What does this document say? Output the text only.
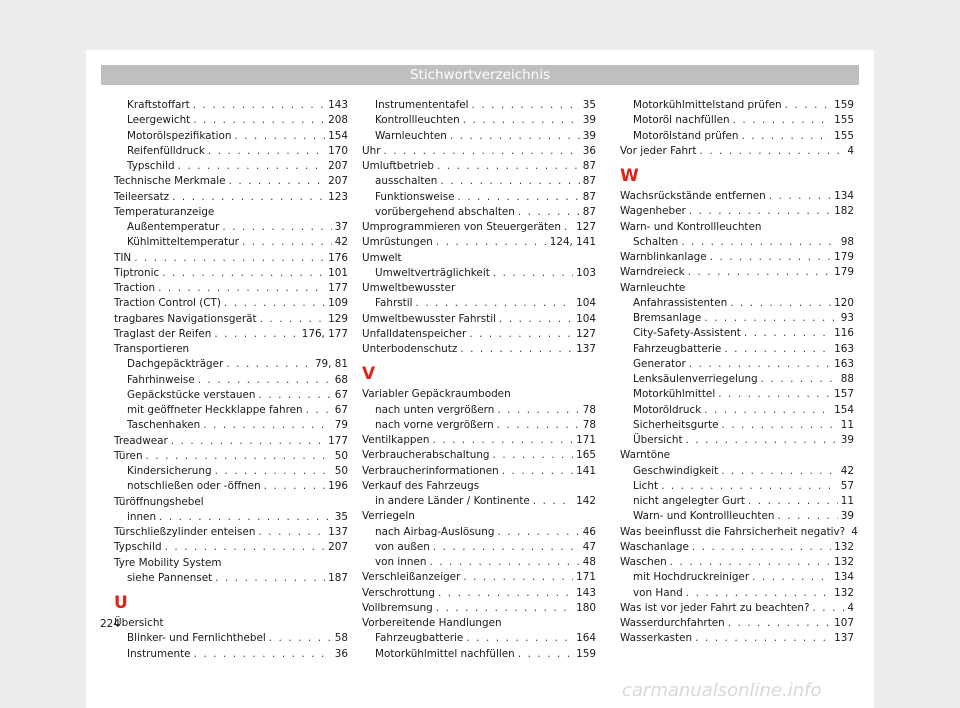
Stichwortverzeichnis
Kraftstoffart . . .	143
Leergewicht . . .	208
Motorölspezifikation . . .	154
Reifenfülldruck . . .	170
Typschild . . .	207
Technische Merkmale . . .	207
Teileersatz . . .	123
Temperaturanzeige
Außentemperatur . . .	37
Kühlmitteltemperatur . . .	42
TIN . . .	176
Tiptronic . . .	101
Traction . . .	177
Traction Control (CT) . . .	109
tragbares Navigationsgerät . . .	129
Traglast der Reifen . . .	176, 177
Transportieren
Dachgepäckträger . . .	79, 81
Fahrhinweise . . .	68
Gepäckstücke verstauen . . .	67
mit geöffneter Heckklappe fahren . . .	67
Taschenhaken . . .	79
Treadwear . . .	177
Türen . . .	50
Kindersicherung . . .	50
notschließen oder -öffnen . . .	196
Türöffnungshebel
innen . . .	35
Türschließzylinder enteisen . . .	137
Typschild . . .	207
Tyre Mobility System
siehe Pannenset . . .	187
U
Übersicht
Blinker- und Fernlichthebel . . .	58
Instrumente . . .	36
Instrumententafel . . .	35
Kontrollleuchten . . .	39
Warnleuchten . . .	39
Uhr . . .	36
Umluftbetrieb . . .	87
ausschalten . . .	87
Funktionsweise . . .	87
vorübergehend abschalten . . .	87
Umprogrammieren von Steuergeräten . . . 127
Umrüstungen . . .	124, 141
Umwelt
Umweltverträglichkeit . . .	103
Umweltbewusster
Fahrstil . . .	104
Umweltbewusster Fahrstil . . .	104
Unfalldatenspeicher . . .	127
Unterbodenschutz . . .	137
V
Variabler Gepäckraumboden
nach unten vergrößern . . .	78
nach vorne vergrößern . . .	78
Ventilkappen . . .	171
Verbraucherabschaltung . . .	165
Verbraucherinformationen . . .	141
Verkauf des Fahrzeugs
in andere Länder / Kontinente . . .	142
Verriegeln
nach Airbag-Auslösung . . .	46
von außen . . .	47
von innen . . .	48
Verschleißanzeiger . . .	171
Verschrottung . . .	143
Vollbremsung . . .	180
Vorbereitende Handlungen
Fahrzeugbatterie . . .	164
Motorkühlmittel nachfüllen . . .	159
Motorkühlmittelstand prüfen . . .	159
Motoröl nachfüllen . . .	155
Motorölstand prüfen . . .	155
Vor jeder Fahrt . . .	4
W
Wachsrückstände entfernen . . .	134
Wagenheber . . .	182
Warn- und Kontrollleuchten
Schalten . . .	98
Warnblinkanlage . . .	179
Warndreieck . . .	179
Warnleuchte
Anfahrassistenten . . .	120
Bremsanlage . . .	93
City-Safety-Assistent . . .	116
Fahrzeugbatterie . . .	163
Generator . . .	163
Lenksäulenverriegelung . . .	88
Motorkühlmittel . . .	157
Motoröldruck . . .	154
Sicherheitsgurte . . .	11
Übersicht . . .	39
Warntöne
Geschwindigkeit . . .	42
Licht . . .	57
nicht angelegter Gurt . . .	11
Warn- und Kontrollleuchten . . .	39
Was beeinflusst die Fahrsicherheit negativ? 4
Waschanlage . . .	132
Waschen . . .	132
mit Hochdruckreiniger . . .	134
von Hand . . .	132
Was ist vor jeder Fahrt zu beachten? . . .	4
Wasserdurchfahrten . . .	107
Wasserkasten . . .	137
224
carmanualsonline.info
